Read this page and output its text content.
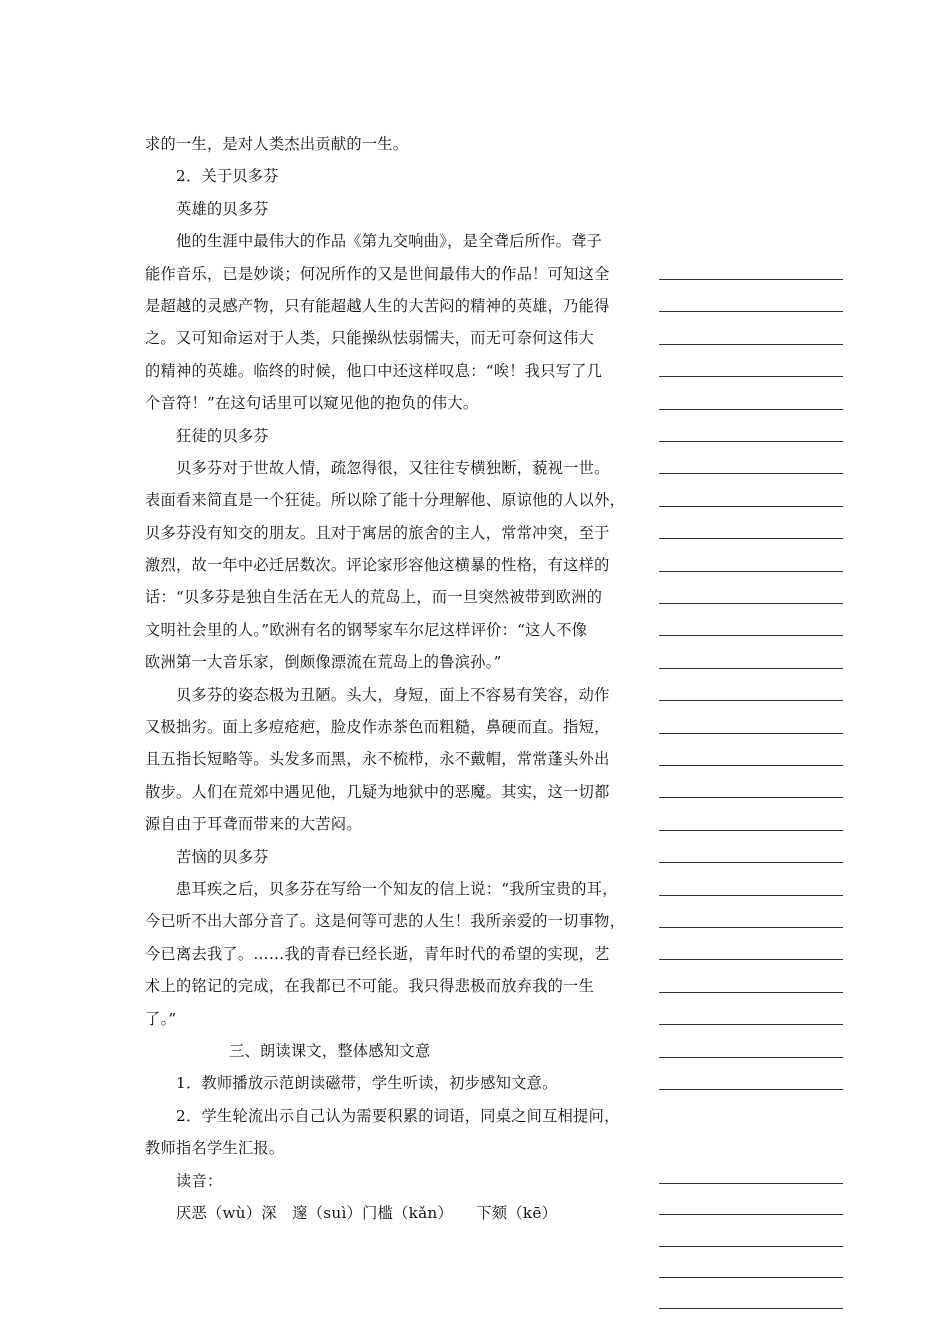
求的一生，是对人类杰出贡献的一生。
2．关于贝多芬
英雄的贝多芬
他的生涯中最伟大的作品《第九交响曲》，是全聋后所作。聋子
能作音乐，已是妙谈；何况所作的又是世间最伟大的作品！可知这全
是超越的灵感产物，只有能超越人生的大苦闷的精神的英雄，乃能得
之。又可知命运对于人类，只能操纵怯弱懦夫，而无可奈何这伟大
的精神的英雄。临终的时候，他口中还这样叹息：“唉！我只写了几
个音符！”在这句话里可以窥见他的抱负的伟大。
狂徒的贝多芬
贝多芬对于世故人情，疏忽得很，又往往专横独断，藐视一世。
表面看来简直是一个狂徒。所以除了能十分理解他、原谅他的人以外，
贝多芬没有知交的朋友。且对于寓居的旅舍的主人，常常冲突，至于
激烈，故一年中必迁居数次。评论家形容他这横暴的性格，有这样的
话：“贝多芬是独自生活在无人的荒岛上，而一旦突然被带到欧洲的
文明社会里的人。”欧洲有名的钢琴家车尔尼这样评价：“这人不像
欧洲第一大音乐家，倒颇像漂流在荒岛上的鲁滨孙。”
贝多芬的姿态极为丑陋。头大，身短，面上不容易有笑容，动作
又极拙劣。面上多痘疮疤，脸皮作赤茶色而粗糙，鼻硬而直。指短，
且五指长短略等。头发多而黑，永不梳栉，永不戴帽，常常蓬头外出
散步。人们在荒郊中遇见他，几疑为地狱中的恶魔。其实，这一切都
源自由于耳聋而带来的大苦闷。
苦恼的贝多芬
患耳疾之后，贝多芬在写给一个知友的信上说：“我所宝贵的耳，
今已听不出大部分音了。这是何等可悲的人生！我所亲爱的一切事物，
今已离去我了。……我的青春已经长逝，青年时代的希望的实现，艺
术上的铭记的完成，在我都已不可能。我只得悲极而放弃我的一生
了。”
三、朗读课文，整体感知文意
1．教师播放示范朗读磁带，学生听读，初步感知文意。
2．学生轮流出示自己认为需要积累的词语，同桌之间互相提问，
教师指名学生汇报。
读音：
厌恶（wù）深　邃（suì）门槛（kǎn）　　下颏（kē）
